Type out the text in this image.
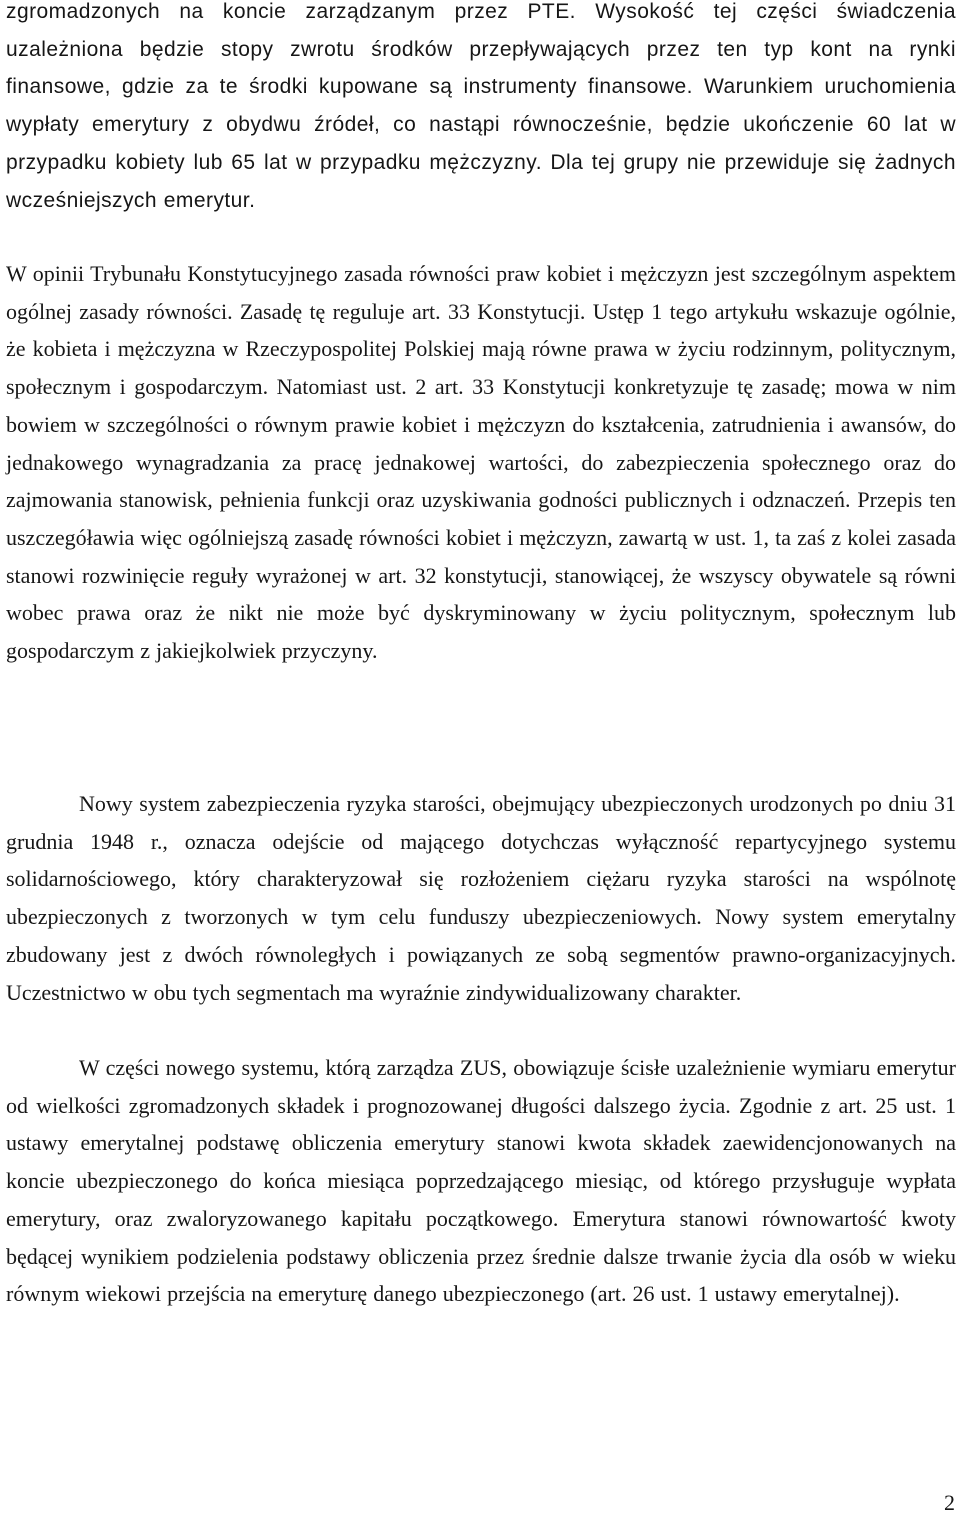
zgromadzonych na koncie zarządzanym przez PTE. Wysokość tej części świadczenia uzależniona będzie stopy zwrotu środków przepływających przez ten typ kont na rynki finansowe, gdzie za te środki kupowane są instrumenty finansowe. Warunkiem uruchomienia wypłaty emerytury z obydwu źródeł, co nastąpi równocześnie, będzie ukończenie 60 lat w przypadku kobiety lub 65 lat w przypadku mężczyzny. Dla tej grupy nie przewiduje się żadnych wcześniejszych emerytur.

W opinii Trybunału Konstytucyjnego zasada równości praw kobiet i mężczyzn jest szczególnym aspektem ogólnej zasady równości. Zasadę tę reguluje art. 33 Konstytucji. Ustęp 1 tego artykułu wskazuje ogólnie, że kobieta i mężczyzna w Rzeczypospolitej Polskiej mają równe prawa w życiu rodzinnym, politycznym, społecznym i gospodarczym. Natomiast ust. 2 art. 33 Konstytucji konkretyzuje tę zasadę; mowa w nim bowiem w szczególności o równym prawie kobiet i mężczyzn do kształcenia, zatrudnienia i awansów, do jednakowego wynagradzania za pracę jednakowej wartości, do zabezpieczenia społecznego oraz do zajmowania stanowisk, pełnienia funkcji oraz uzyskiwania godności publicznych i odznaczeń. Przepis ten uszczegóławia więc ogólniejszą zasadę równości kobiet i mężczyzn, zawartą w ust. 1, ta zaś z kolei zasada stanowi rozwinięcie reguły wyrażonej w art. 32 konstytucji, stanowiącej, że wszyscy obywatele są równi wobec prawa oraz że nikt nie może być dyskryminowany w życiu politycznym, społecznym lub gospodarczym z jakiejkolwiek przyczyny.

Nowy system zabezpieczenia ryzyka starości, obejmujący ubezpieczonych urodzonych po dniu 31 grudnia 1948 r., oznacza odejście od mającego dotychczas wyłączność repartycyjnego systemu solidarnościowego, który charakteryzował się rozłożeniem ciężaru ryzyka starości na wspólnotę ubezpieczonych z tworzonych w tym celu funduszy ubezpieczeniowych. Nowy system emerytalny zbudowany jest z dwóch równoległych i powiązanych ze sobą segmentów prawno-organizacyjnych. Uczestnictwo w obu tych segmentach ma wyraźnie zindywidualizowany charakter.

W części nowego systemu, którą zarządza ZUS, obowiązuje ścisłe uzależnienie wymiaru emerytur od wielkości zgromadzonych składek i prognozowanej długości dalszego życia. Zgodnie z art. 25 ust. 1 ustawy emerytalnej podstawę obliczenia emerytury stanowi kwota składek zaewidencjonowanych na koncie ubezpieczonego do końca miesiąca poprzedzającego miesiąc, od którego przysługuje wypłata emerytury, oraz zwaloryzowanego kapitału początkowego. Emerytura stanowi równowartość kwoty będącej wynikiem podzielenia podstawy obliczenia przez średnie dalsze trwanie życia dla osób w wieku równym wiekowi przejścia na emeryturę danego ubezpieczonego (art. 26 ust. 1 ustawy emerytalnej).

2
